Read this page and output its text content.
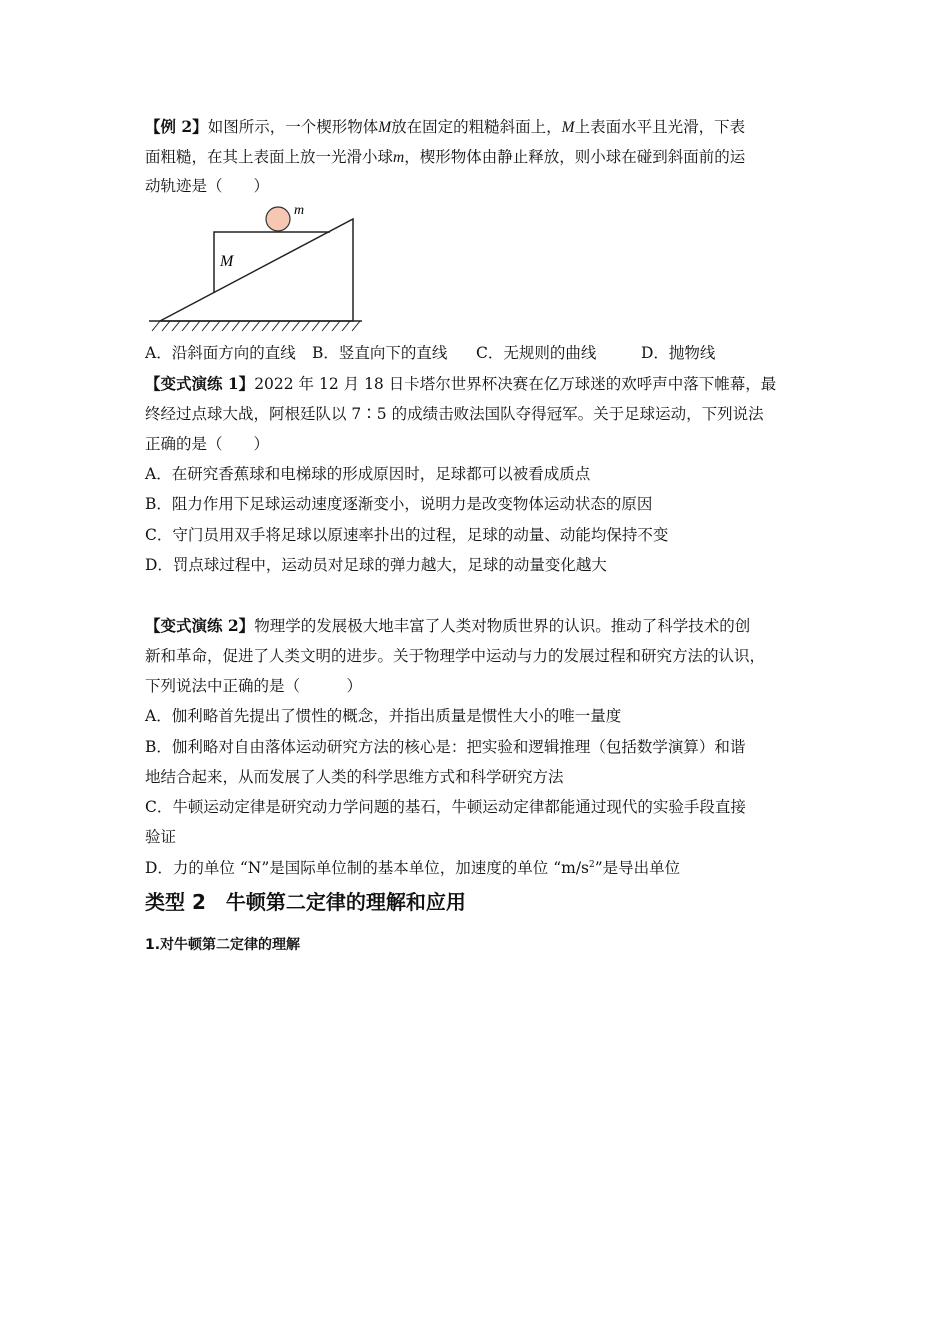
【例 2】如图所示，一个楔形物体M放在固定的粗糙斜面上，M上表面水平且光滑，下表
面粗糙，在其上表面上放一光滑小球m，楔形物体由静止释放，则小球在碰到斜面前的运
动轨迹是（　　）
M
m
A．沿斜面方向的直线 B．竖直向下的直线 C．无规则的曲线	D．抛物线
【变式演练 1】2022 年 12 月 18 日卡塔尔世界杯决赛在亿万球迷的欢呼声中落下帷幕，最
终经过点球大战，阿根廷队以 7∶5 的成绩击败法国队夺得冠军。关于足球运动，下列说法
正确的是（　　）
A．在研究香蕉球和电梯球的形成原因时，足球都可以被看成质点
B．阻力作用下足球运动速度逐渐变小，说明力是改变物体运动状态的原因
C．守门员用双手将足球以原速率扑出的过程，足球的动量、动能均保持不变
D．罚点球过程中，运动员对足球的弹力越大，足球的动量变化越大
【变式演练 2】物理学的发展极大地丰富了人类对物质世界的认识。推动了科学技术的创
新和革命，促进了人类文明的进步。关于物理学中运动与力的发展过程和研究方法的认识，
下列说法中正确的是（　　　）
A．伽利略首先提出了惯性的概念，并指出质量是惯性大小的唯一量度
B．伽利略对自由落体运动研究方法的核心是：把实验和逻辑推理（包括数学演算）和谐
地结合起来，从而发展了人类的科学思维方式和科学研究方法
C．牛顿运动定律是研究动力学问题的基石，牛顿运动定律都能通过现代的实验手段直接
验证
D．力的单位 “N”是国际单位制的基本单位，加速度的单位 “$m/s^2$”是导出单位
类型 2　牛顿第二定律的理解和应用
1.对牛顿第二定律的理解
